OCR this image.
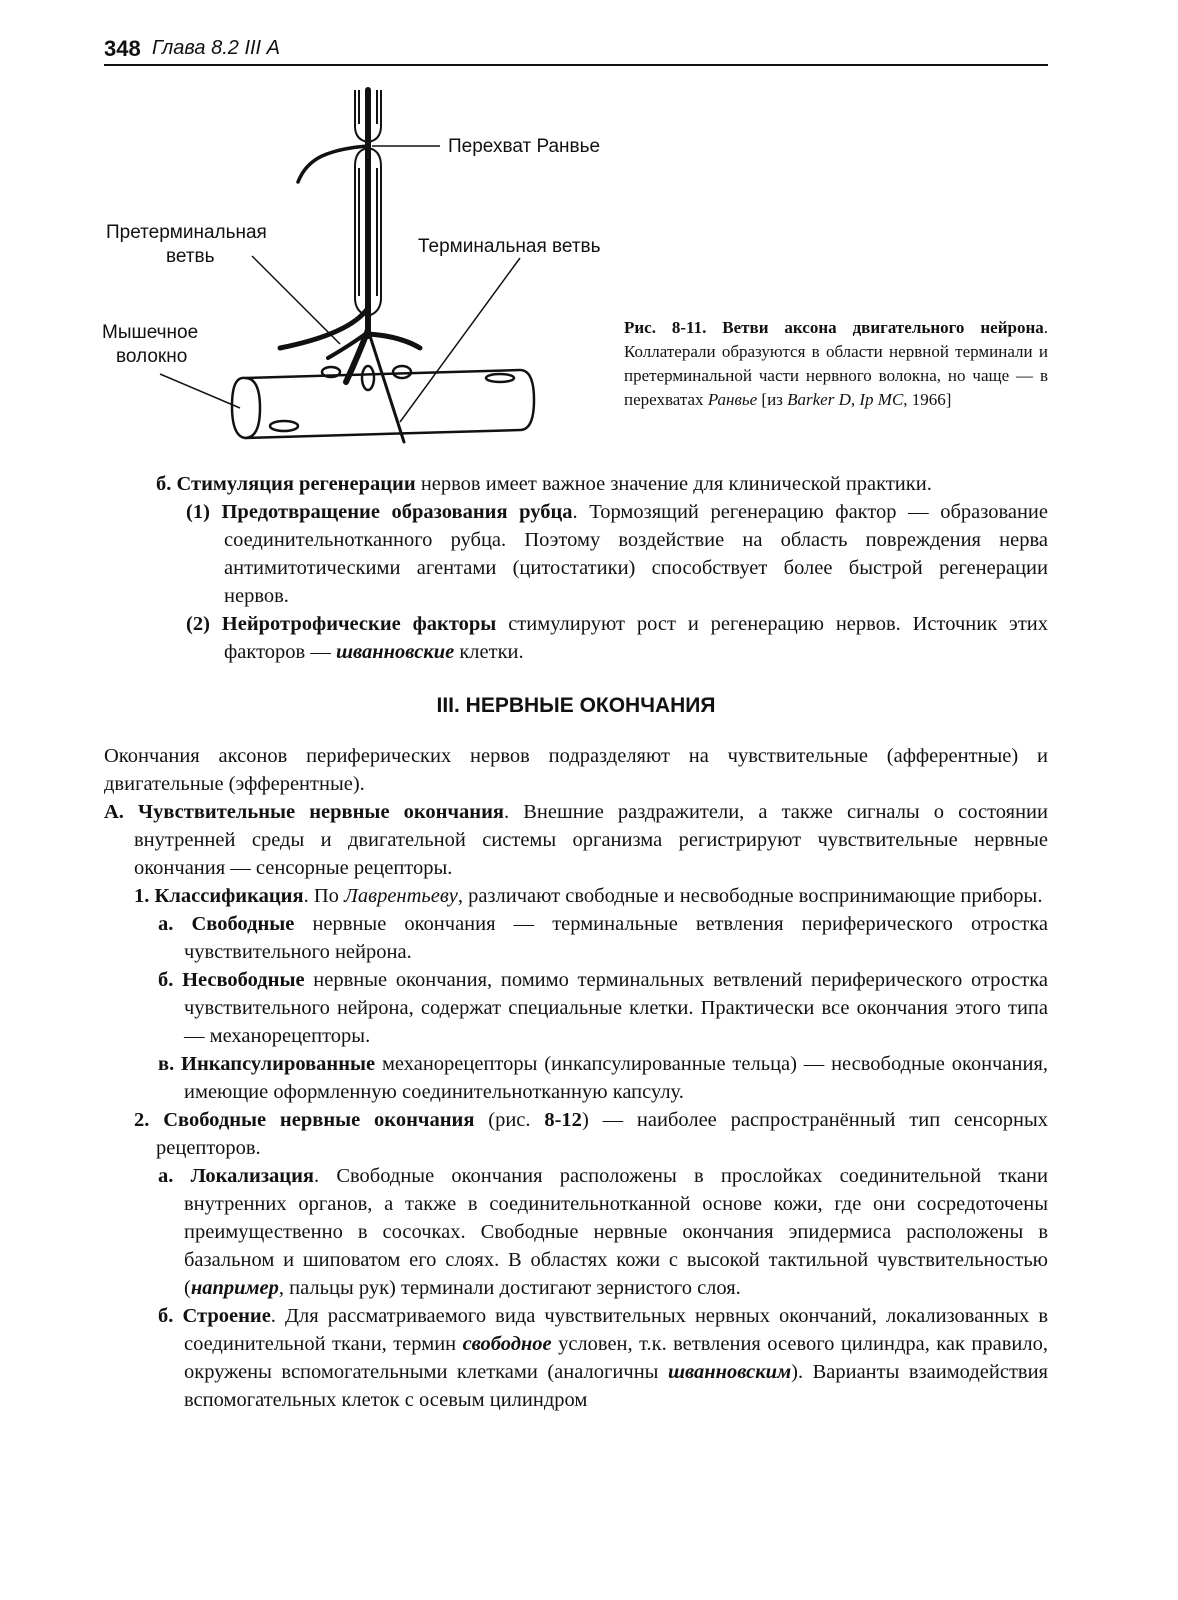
348 Глава 8.2 III А
Перехват Ранвье
Претерминальная
ветвь	Терминальная ветвь
Мышечное
волокно
Рис. 8-11. Ветви аксона двигательного нейрона. Коллатерали образуются в области нервной терминали и претерминальной части нервного волокна, но чаще — в перехватах Ранвье [из Barker D, Ip MC, 1966]

б. Стимуляция регенерации нервов имеет важное значение для клинической практики.

(1) Предотвращение образования рубца. Тормозящий регенерацию фактор — образование соединительнотканного рубца. Поэтому воздействие на область повреждения нерва антимитотическими агентами (цитостатики) способствует более быстрой регенерации нервов.

(2) Нейротрофические факторы стимулируют рост и регенерацию нервов. Источник этих факторов — шванновские клетки.

III. НЕРВНЫЕ ОКОНЧАНИЯ

Окончания аксонов периферических нервов подразделяют на чувствительные (афферентные) и двигательные (эфферентные).

А. Чувствительные нервные окончания. Внешние раздражители, а также сигналы о состоянии внутренней среды и двигательной системы организма регистрируют чувствительные нервные окончания — сенсорные рецепторы.

1. Классификация. По Лаврентьеву, различают свободные и несвободные воспринимающие приборы.

а. Свободные нервные окончания — терминальные ветвления периферического отростка чувствительного нейрона.

б. Несвободные нервные окончания, помимо терминальных ветвлений периферического отростка чувствительного нейрона, содержат специальные клетки. Практически все окончания этого типа — механорецепторы.

в. Инкапсулированные механорецепторы (инкапсулированные тельца) — несвободные окончания, имеющие оформленную соединительнотканную капсулу.

2. Свободные нервные окончания (рис. 8-12) — наиболее распространённый тип сенсорных рецепторов.

а. Локализация. Свободные окончания расположены в прослойках соединительной ткани внутренних органов, а также в соединительнотканной основе кожи, где они сосредоточены преимущественно в сосочках. Свободные нервные окончания эпидермиса расположены в базальном и шиповатом его слоях. В областях кожи с высокой тактильной чувствительностью (например, пальцы рук) терминали достигают зернистого слоя.

б. Строение. Для рассматриваемого вида чувствительных нервных окончаний, локализованных в соединительной ткани, термин свободное условен, т.к. ветвления осевого цилиндра, как правило, окружены вспомогательными клетками (аналогичны шванновским). Варианты взаимодействия вспомогательных клеток с осевым цилиндром
